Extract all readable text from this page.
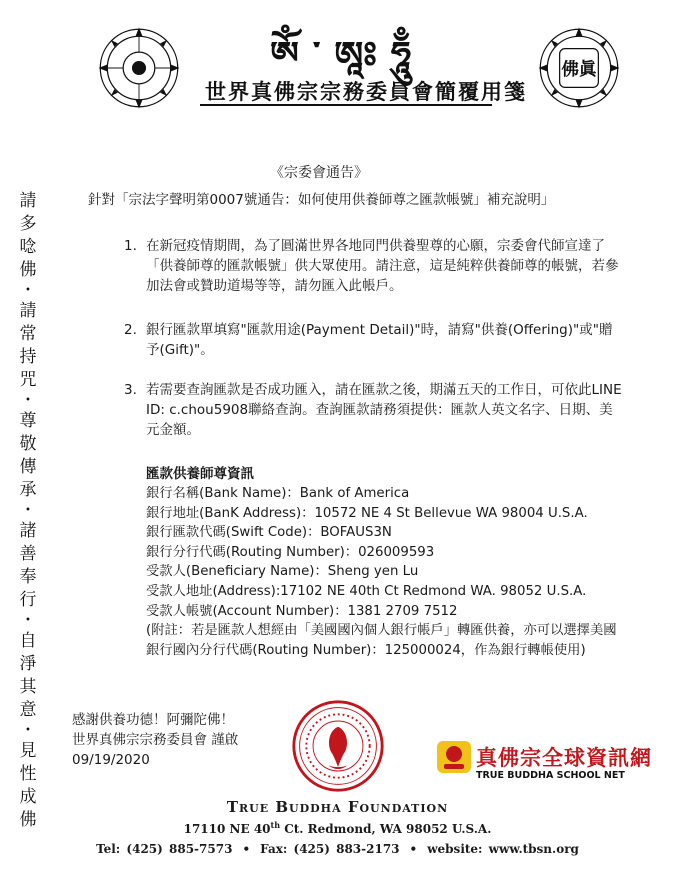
佛眞
ཨོཾ་ཨཱཿཧཱུྃ
世界真佛宗宗務委員會簡覆用箋
請
多
唸
佛
•
請
常
持
咒
•
尊
敬
傳
承
•
諸
善
奉
行
•
自
淨
其
意
•
見
性
成
佛
《宗委會通告》
針對「宗法字聲明第0007號通告：如何使用供養師尊之匯款帳號」補充說明」
1. 在新冠疫情期間，為了圓滿世界各地同門供養聖尊的心願，宗委會代師宣達了「供養師尊的匯款帳號」供大眾使用。請注意，這是純粹供養師尊的帳號，若參加法會或贊助道場等等，請勿匯入此帳戶。
2. 銀行匯款單填寫"匯款用途(Payment Detail)"時，請寫"供養(Offering)"或"贈予(Gift)"。
3. 若需要查詢匯款是否成功匯入，請在匯款之後，期滿五天的工作日，可依此LINE ID: c.chou5908聯絡查詢。查詢匯款請務須提供：匯款人英文名字、日期、美元金額。
匯款供養師尊資訊
銀行名稱(Bank Name)：Bank of America
銀行地址(BanK Address)：10572 NE 4 St Bellevue WA 98004 U.S.A.
銀行匯款代碼(Swift Code)：BOFAUS3N
銀行分行代碼(Routing Number)：026009593
受款人(Beneficiary Name)：Sheng yen Lu
受款人地址(Address):17102 NE 40th Ct Redmond WA. 98052 U.S.A.
受款人帳號(Account Number)：1381 2709 7512
(附註：若是匯款人想經由「美國國內個人銀行帳戶」轉匯供養，亦可以選擇美國銀行國內分行代碼(Routing Number)：125000024，作為銀行轉帳使用)
感謝供養功德！阿彌陀佛！
世界真佛宗宗務委員會 謹啟
09/19/2020	真佛宗全球資訊網
TRUE BUDDHA SCHOOL NET
True Buddha Foundation
17110 NE 40th Ct. Redmond, WA 98052 U.S.A.
Tel: (425) 885-7573 • Fax: (425) 883-2173 • website: www.tbsn.org
